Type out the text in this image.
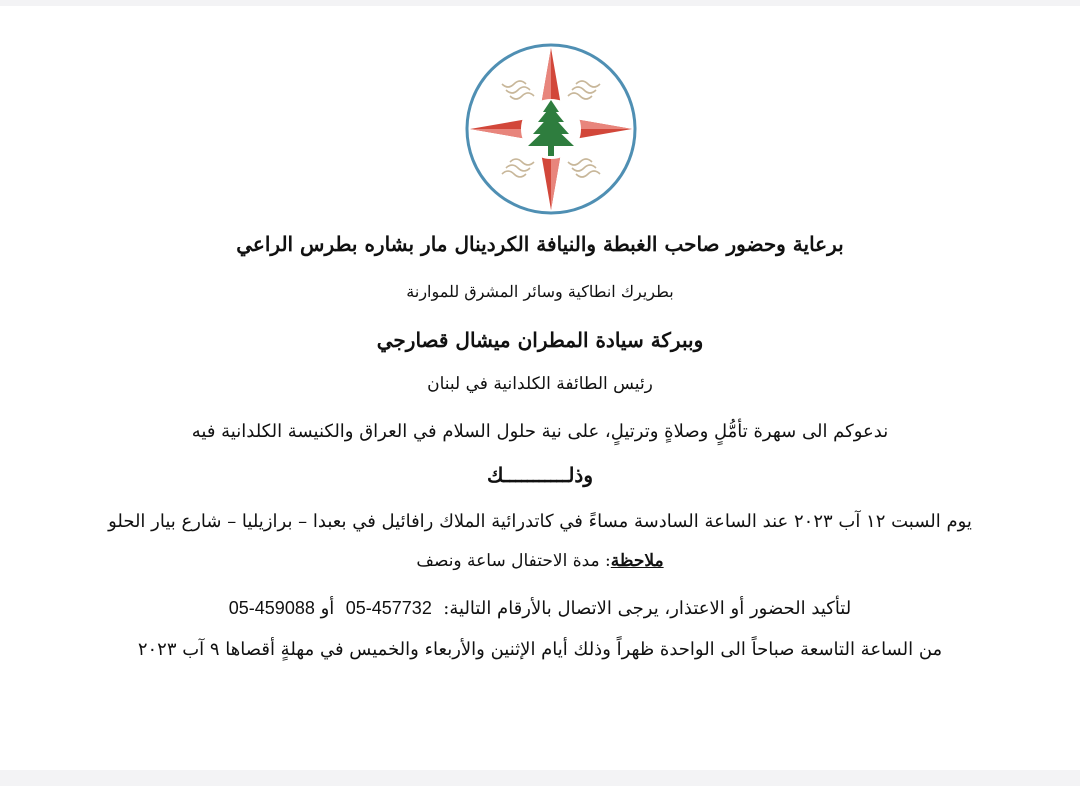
برعاية وحضور صاحب الغبطة والنيافة الكردينال مار بشاره بطرس الراعي
بطريرك انطاكية وسائر المشرق للموارنة
وببركة سيادة المطران ميشال قصارجي
رئيس الطائفة الكلدانية في لبنان
ندعوكم الى سهرة تأمُّلٍ وصلاةٍ وترتيلٍ، على نية حلول السلام في العراق والكنيسة الكلدانية فيه
وذلـــــــــــك
يوم السبت ١٢ آب ٢٠٢٣ عند الساعة السادسة مساءً في كاتدرائية الملاك رافائيل في بعبدا – برازيليا – شارع بيار الحلو
ملاحظة: مدة الاحتفال ساعة ونصف
لتأكيد الحضور أو الاعتذار، يرجى الاتصال بالأرقام التالية:  05-457732  أو 05-459088
من الساعة التاسعة صباحاً الى الواحدة ظهراً وذلك أيام الإثنين والأربعاء والخميس في مهلةٍ أقصاها ٩ آب ٢٠٢٣
